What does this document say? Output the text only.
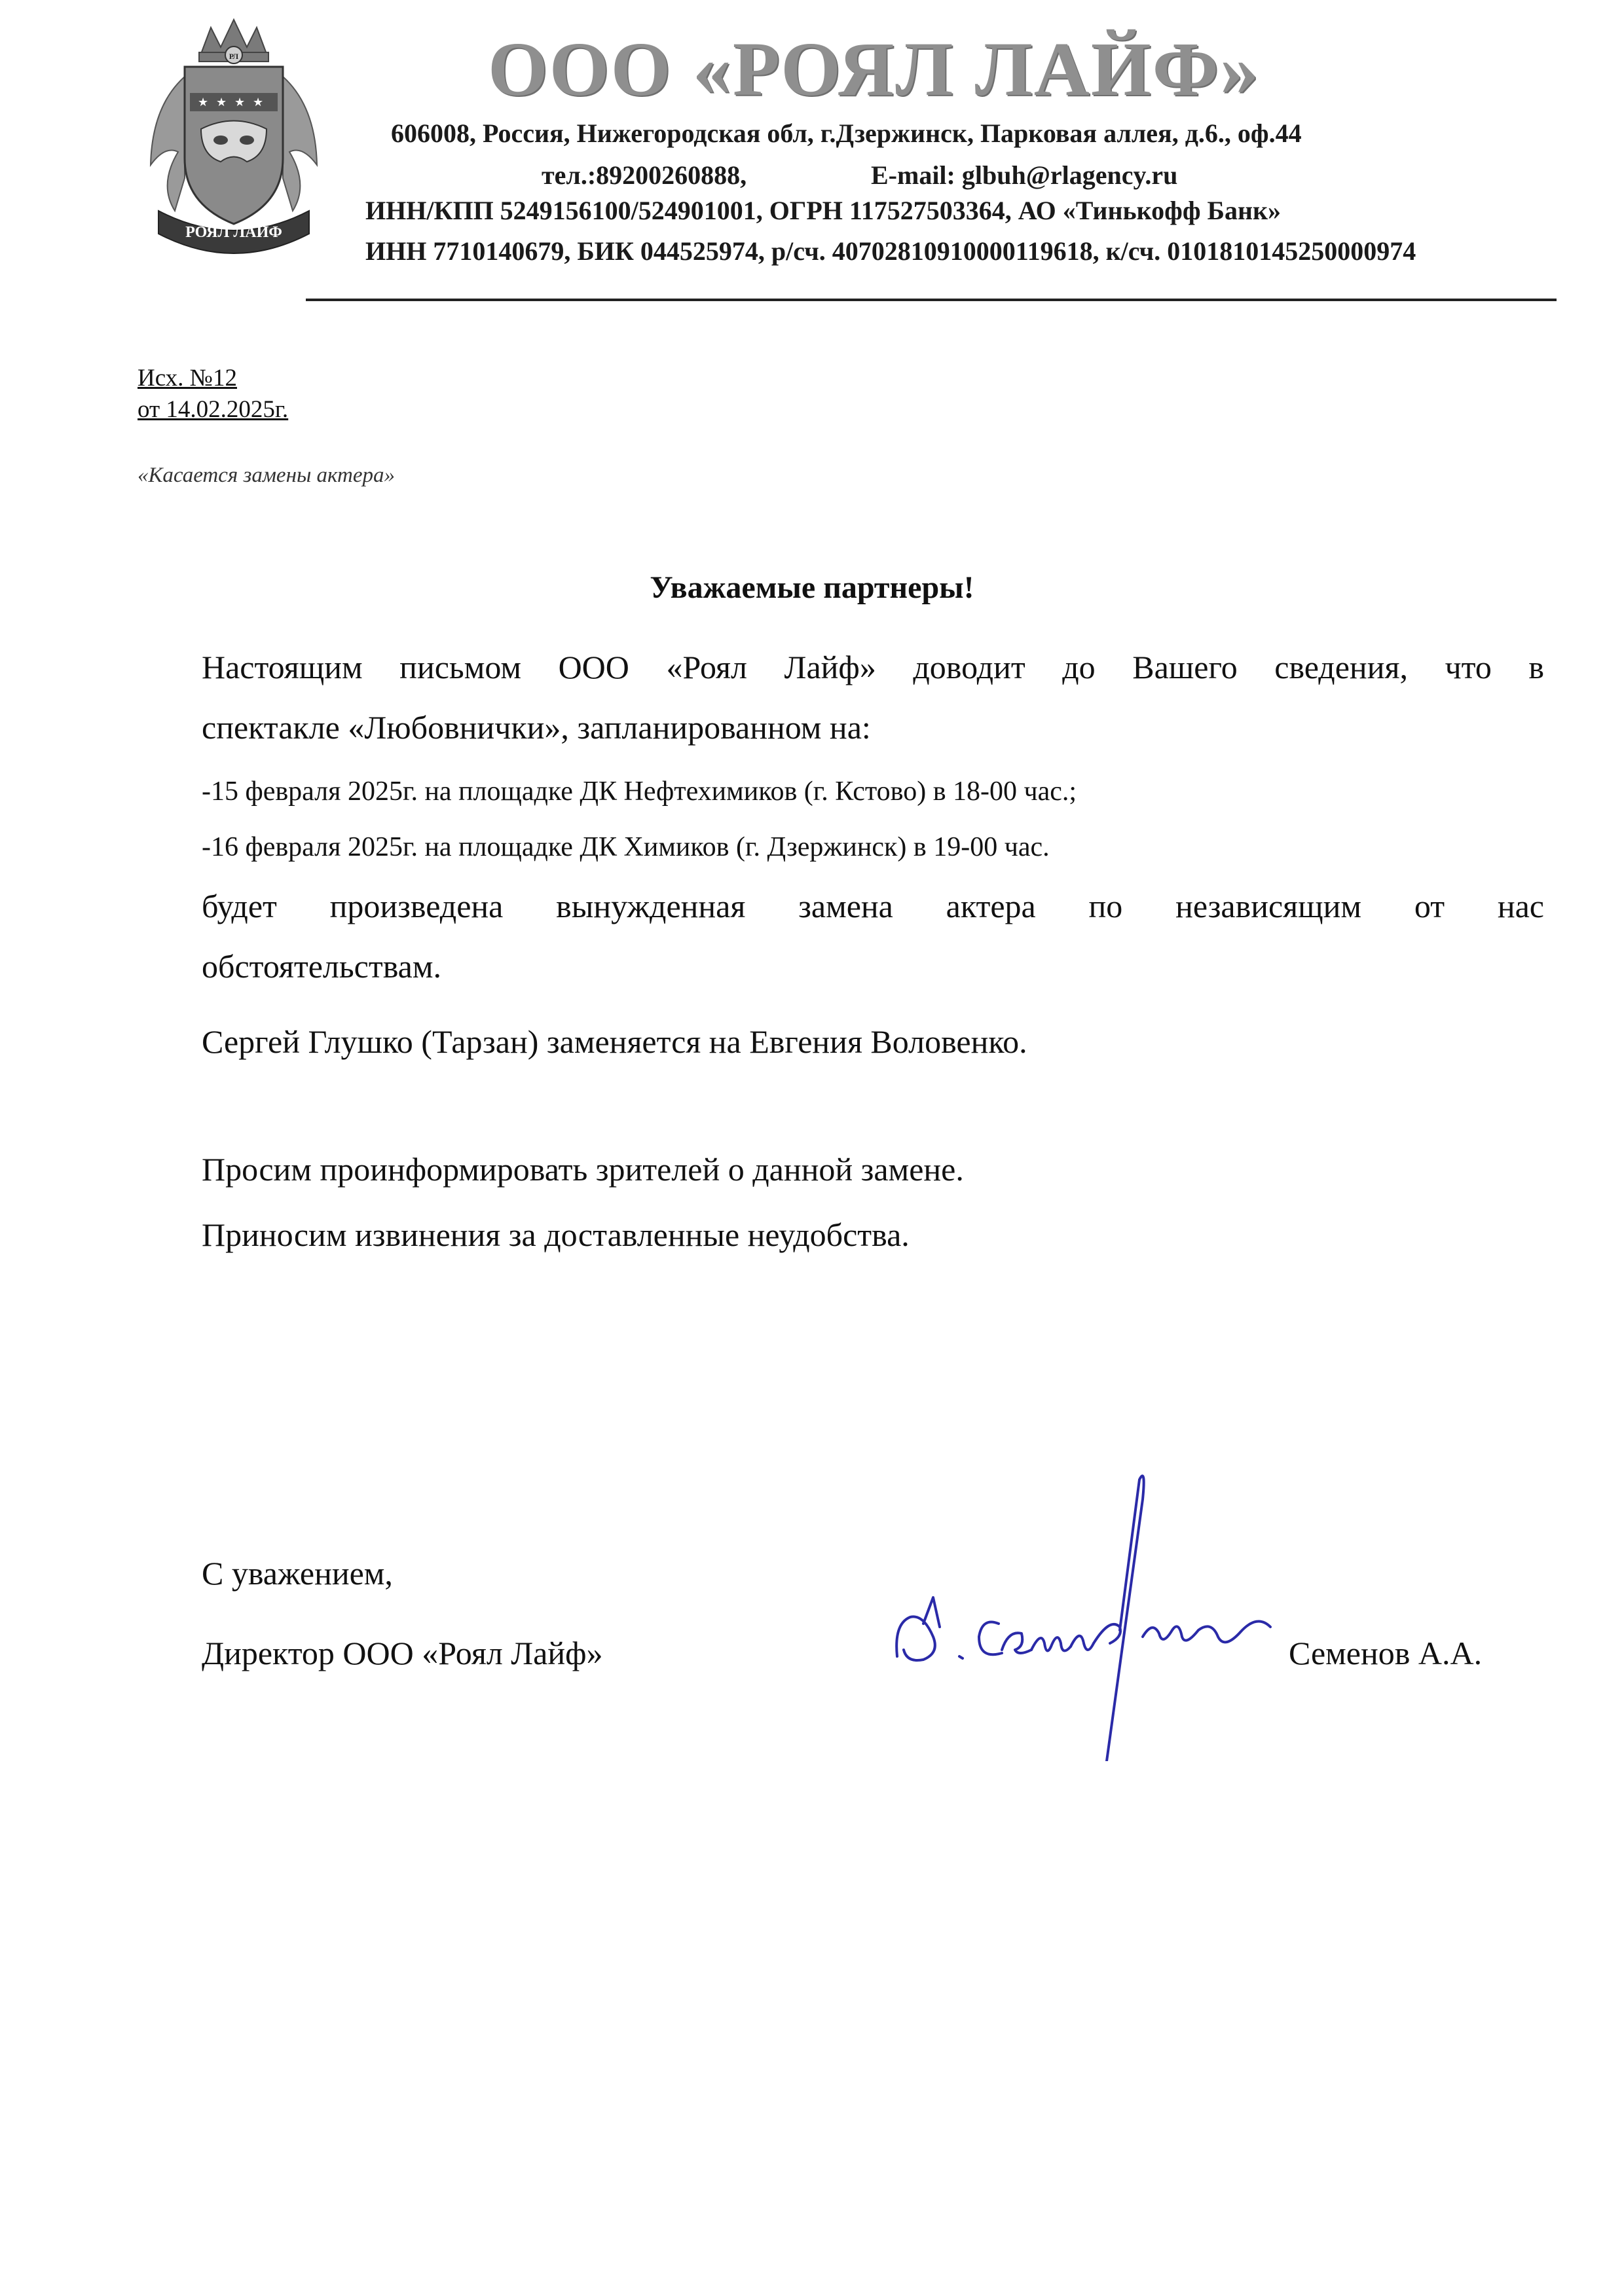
★ ★ ★ ★
РЛ
РОЯЛ ЛАЙФ
ООО «РОЯЛ ЛАЙФ»
606008, Россия, Нижегородская обл, г.Дзержинск, Парковая аллея, д.6., оф.44
тел.:89200260888,	E-mail: glbuh@rlagency.ru
ИНН/КПП 5249156100/524901001, ОГРН 117527503364, АО «Тинькофф Банк»
ИНН 7710140679, БИК 044525974, р/сч. 40702810910000119618, к/сч. 01018101452500009​74
Исх. №12
от 14.02.2025г.
«Касается замены актера»
Уважаемые партнеры!
Настоящим письмом ООО «Роял Лайф» доводит до Вашего сведения, что в
спектакле «Любовнички», запланированном на:
-15 февраля 2025г. на площадке ДК Нефтехимиков (г. Кстово) в 18-00 час.;
-16 февраля 2025г. на площадке ДК Химиков (г. Дзержинск) в 19-00 час.
будет произведена вынужденная замена актера по независящим от нас
обстоятельствам.
Сергей Глушко (Тарзан) заменяется на Евгения Воловенко.
Просим проинформировать зрителей о данной замене.
Приносим извинения за доставленные неудобства.
С уважением,
Директор ООО «Роял Лайф»	Семенов А.А.
